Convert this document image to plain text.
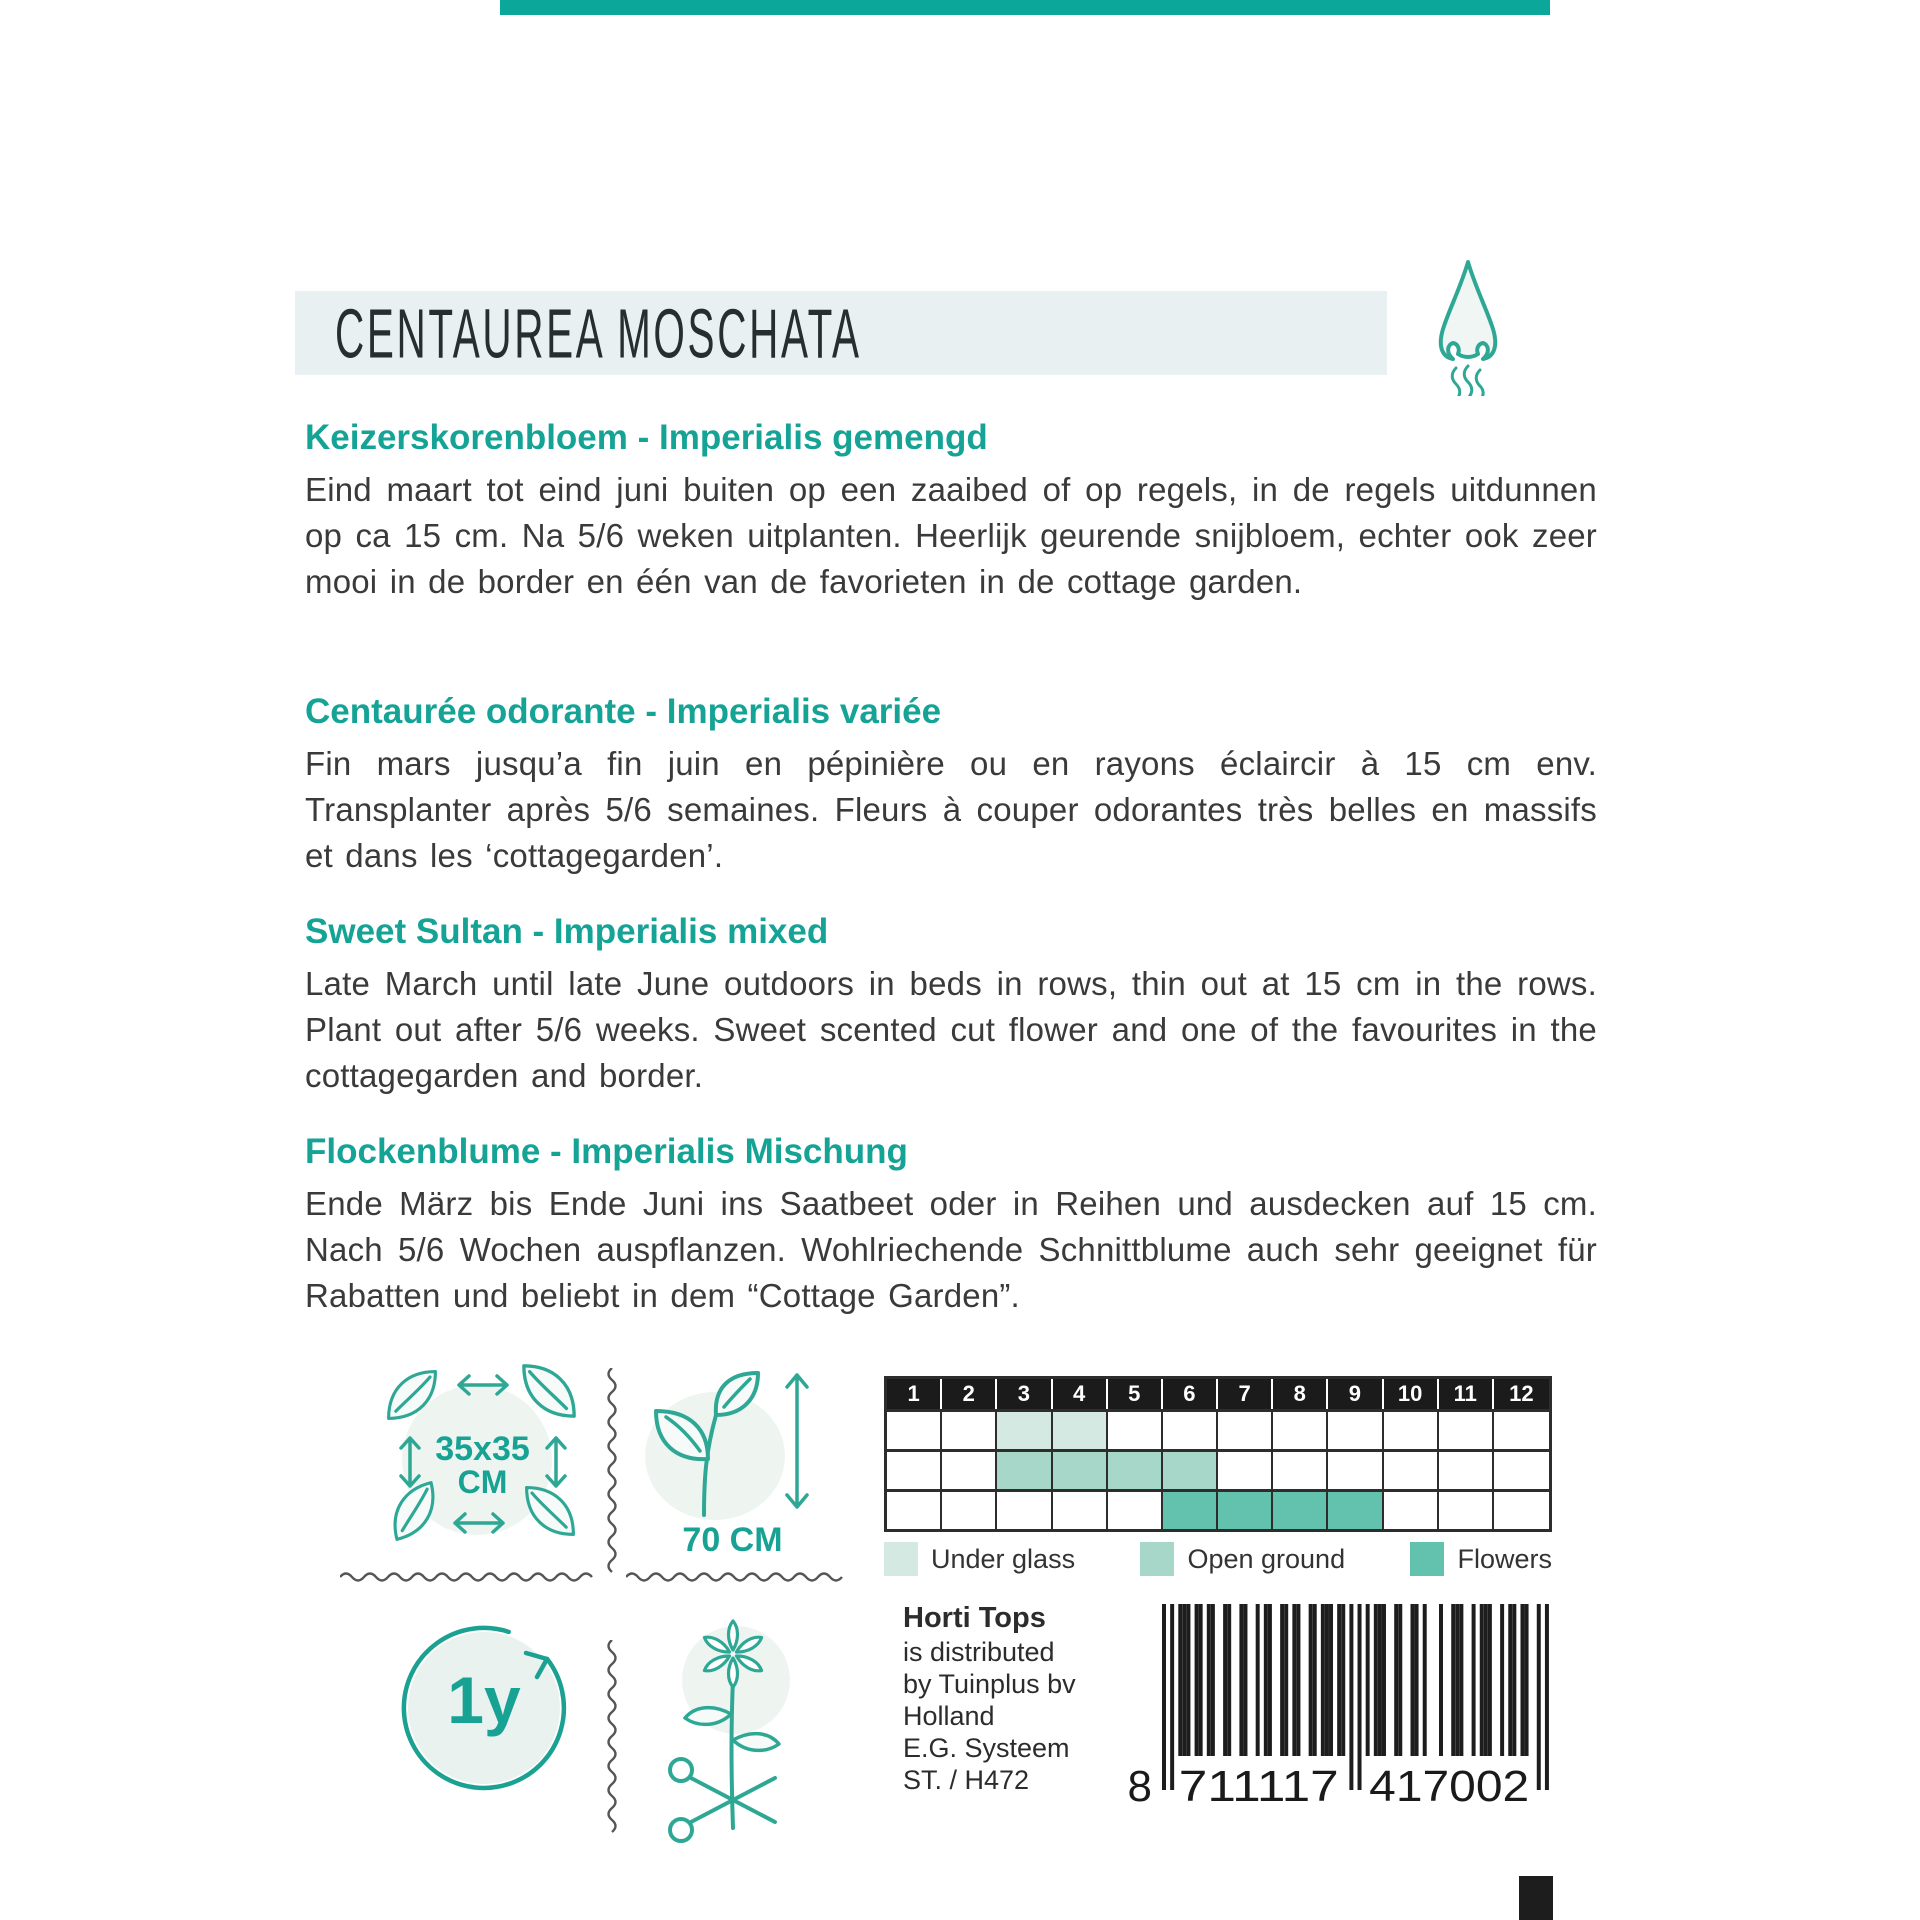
CENTAUREA MOSCHATA
Keizerskorenbloem - Imperialis gemengd

Eind maart tot eind juni buiten op een zaaibed of op regels, in de regels uitdunnen op ca 15 cm. Na 5/6 weken uitplanten. Heerlijk geurende snijbloem, echter ook zeer mooi in de border en één van de favorieten in de cottage garden.

Centaurée odorante - Imperialis variée

Fin mars jusqu’a fin juin en pépinière ou en rayons éclaircir à 15 cm env. Transplanter après 5/6 semaines. Fleurs à couper odorantes très belles en massifs et dans les ‘cottagegarden’.

Sweet Sultan - Imperialis mixed

Late March until late June outdoors in beds in rows, thin out at 15 cm in the rows. Plant out after 5/6 weeks. Sweet scented cut flower and one of the favourites in the cottagegarden and border.

Flockenblume - Imperialis Mischung

Ende März bis Ende Juni ins Saatbeet oder in Reihen und ausdecken auf 15 cm. Nach 5/6 Wochen auspflanzen. Wohlriechende Schnittblume auch sehr geeignet für Rabatten und beliebt in dem “Cottage Garden”.

35x35
CM
70 CM
1y
1	2	3	4	5	6	7	8	9	10	11	12
Under glass	Open ground	Flowers
Horti Tops
is distributed
by Tuinplus bv
Holland
E.G. Systeem
ST. / H472	8 711117 417002
